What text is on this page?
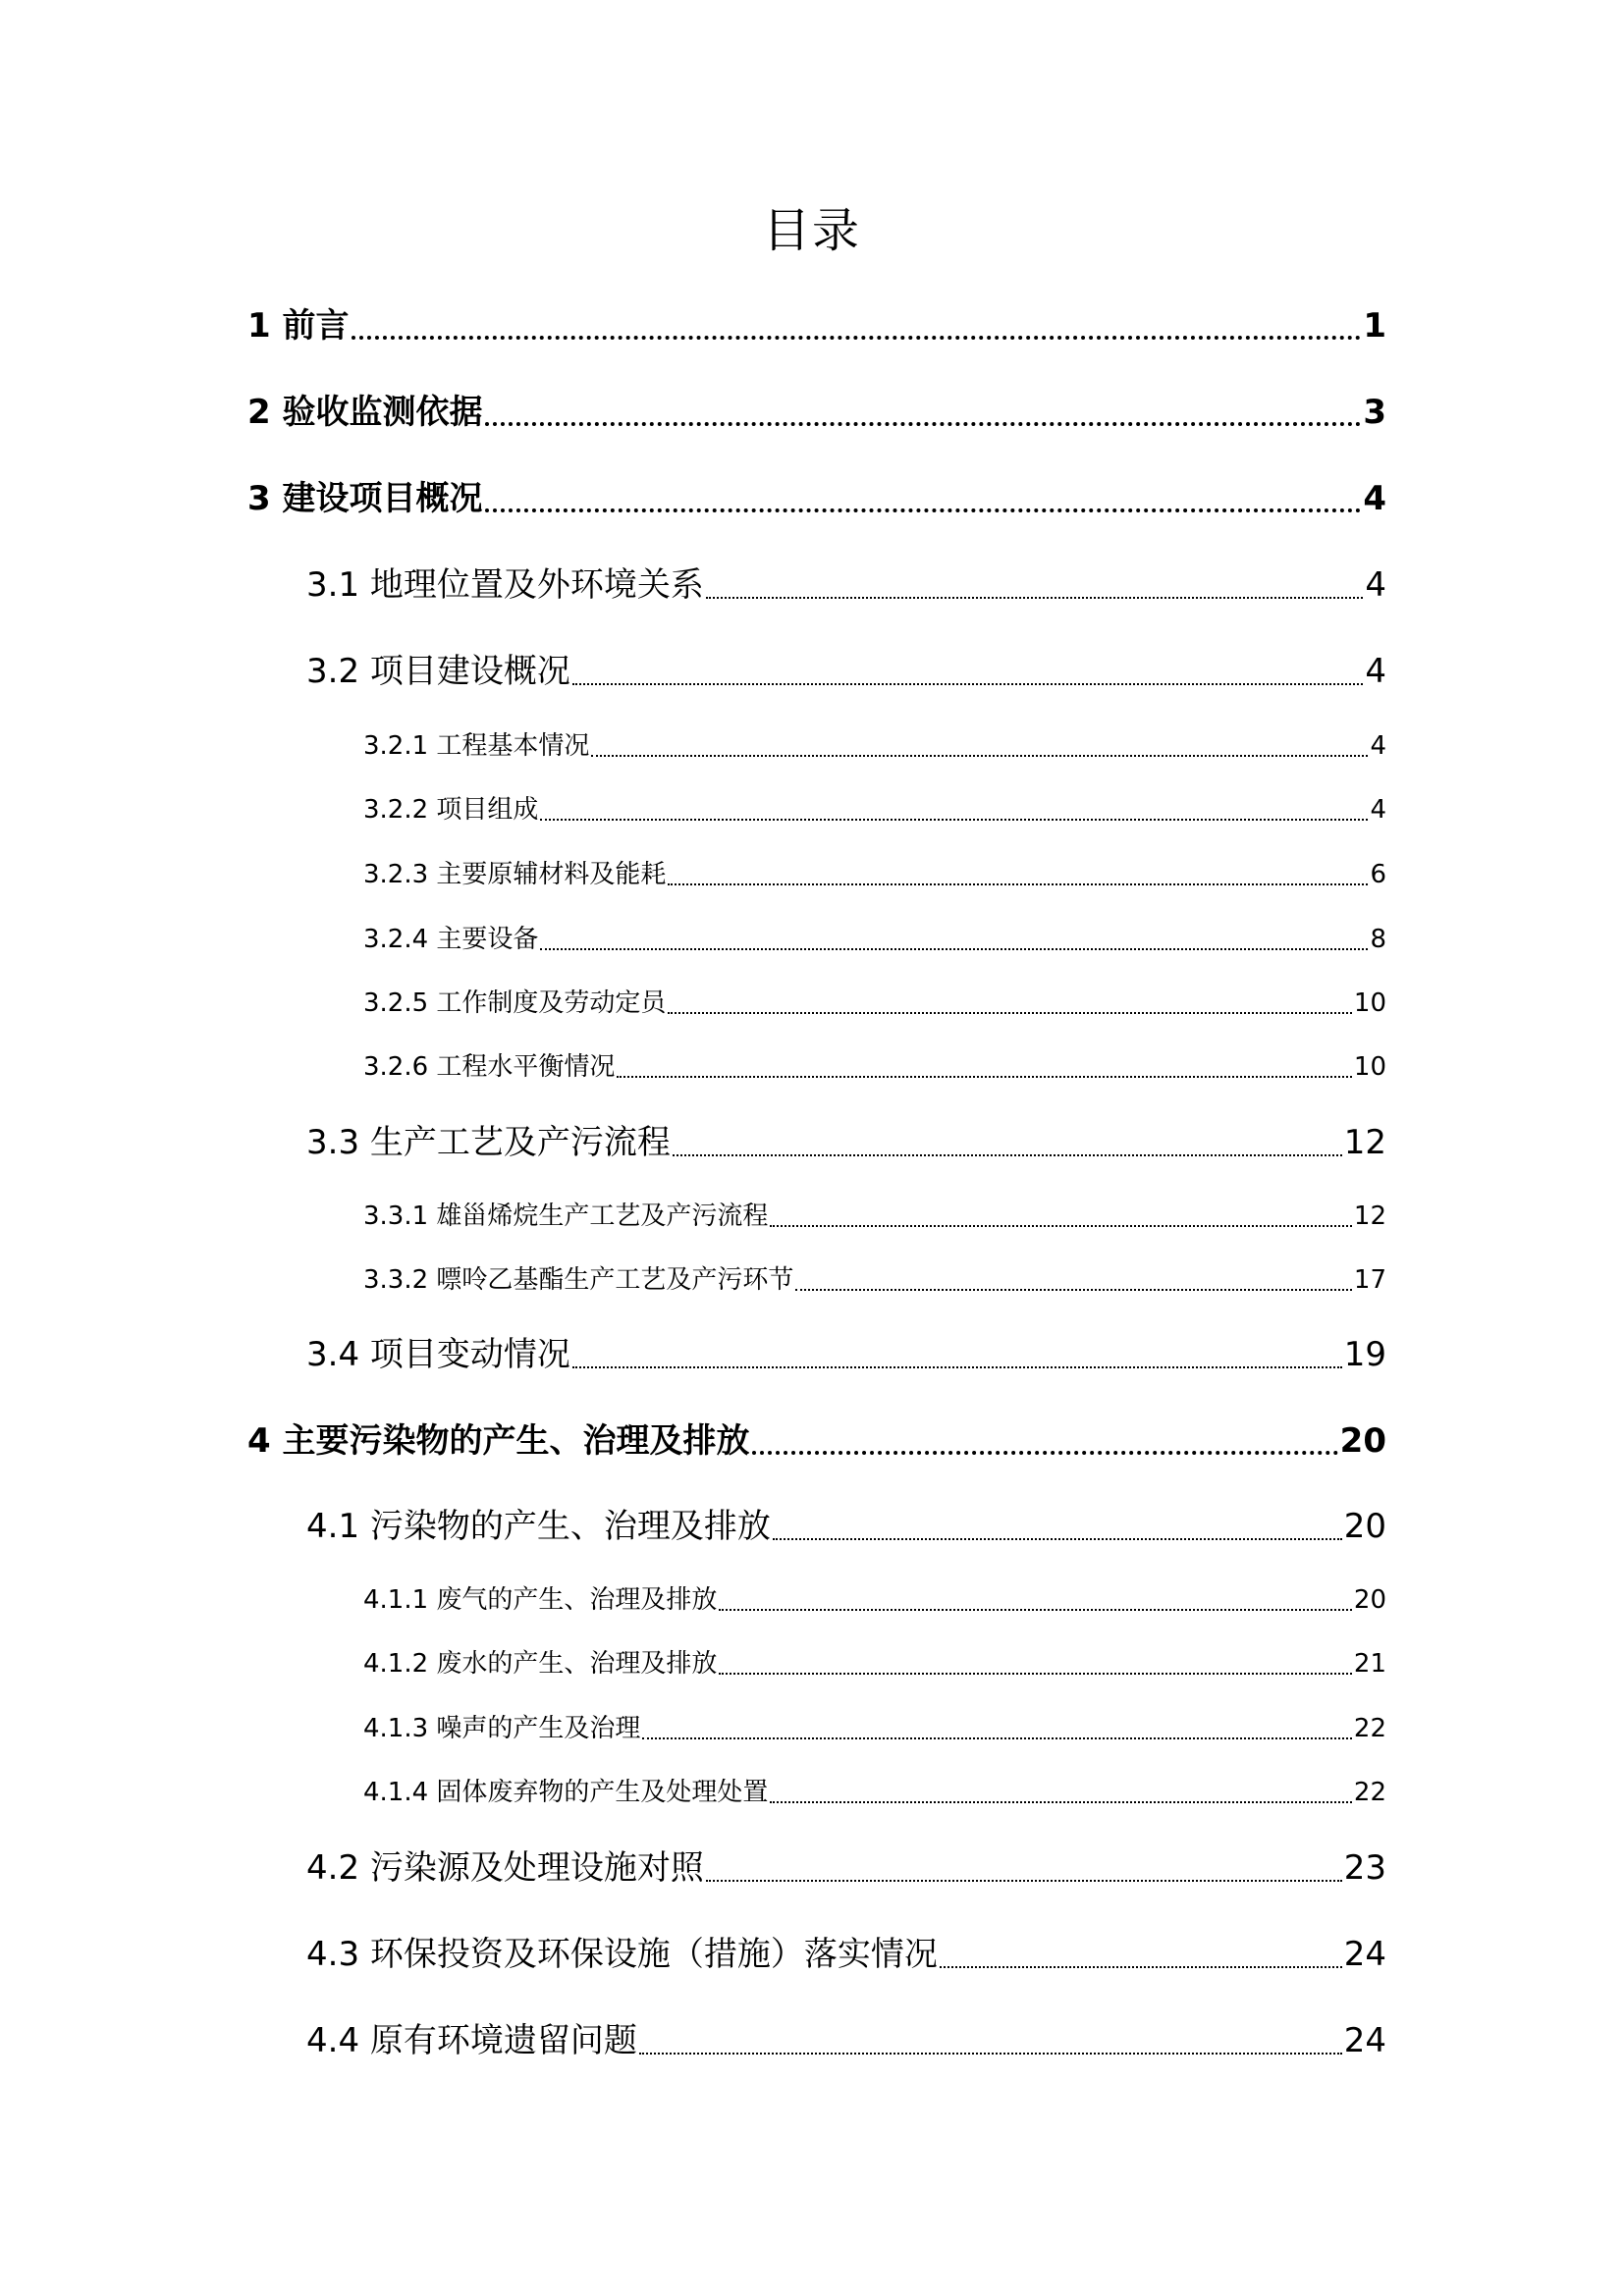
目录
1 前言	1
2 验收监测依据	3
3 建设项目概况	4
3.1 地理位置及外环境关系	4
3.2 项目建设概况	4
3.2.1 工程基本情况	4
3.2.2 项目组成	4
3.2.3 主要原辅材料及能耗	6
3.2.4 主要设备	8
3.2.5 工作制度及劳动定员	10
3.2.6 工程水平衡情况	10
3.3 生产工艺及产污流程	12
3.3.1 雄甾烯烷生产工艺及产污流程	12
3.3.2 嘌呤乙基酯生产工艺及产污环节	17
3.4 项目变动情况	19
4 主要污染物的产生、治理及排放	20
4.1 污染物的产生、治理及排放	20
4.1.1 废气的产生、治理及排放	20
4.1.2 废水的产生、治理及排放	21
4.1.3 噪声的产生及治理	22
4.1.4 固体废弃物的产生及处理处置	22
4.2 污染源及处理设施对照	23
4.3 环保投资及环保设施（措施）落实情况	24
4.4 原有环境遗留问题	24
